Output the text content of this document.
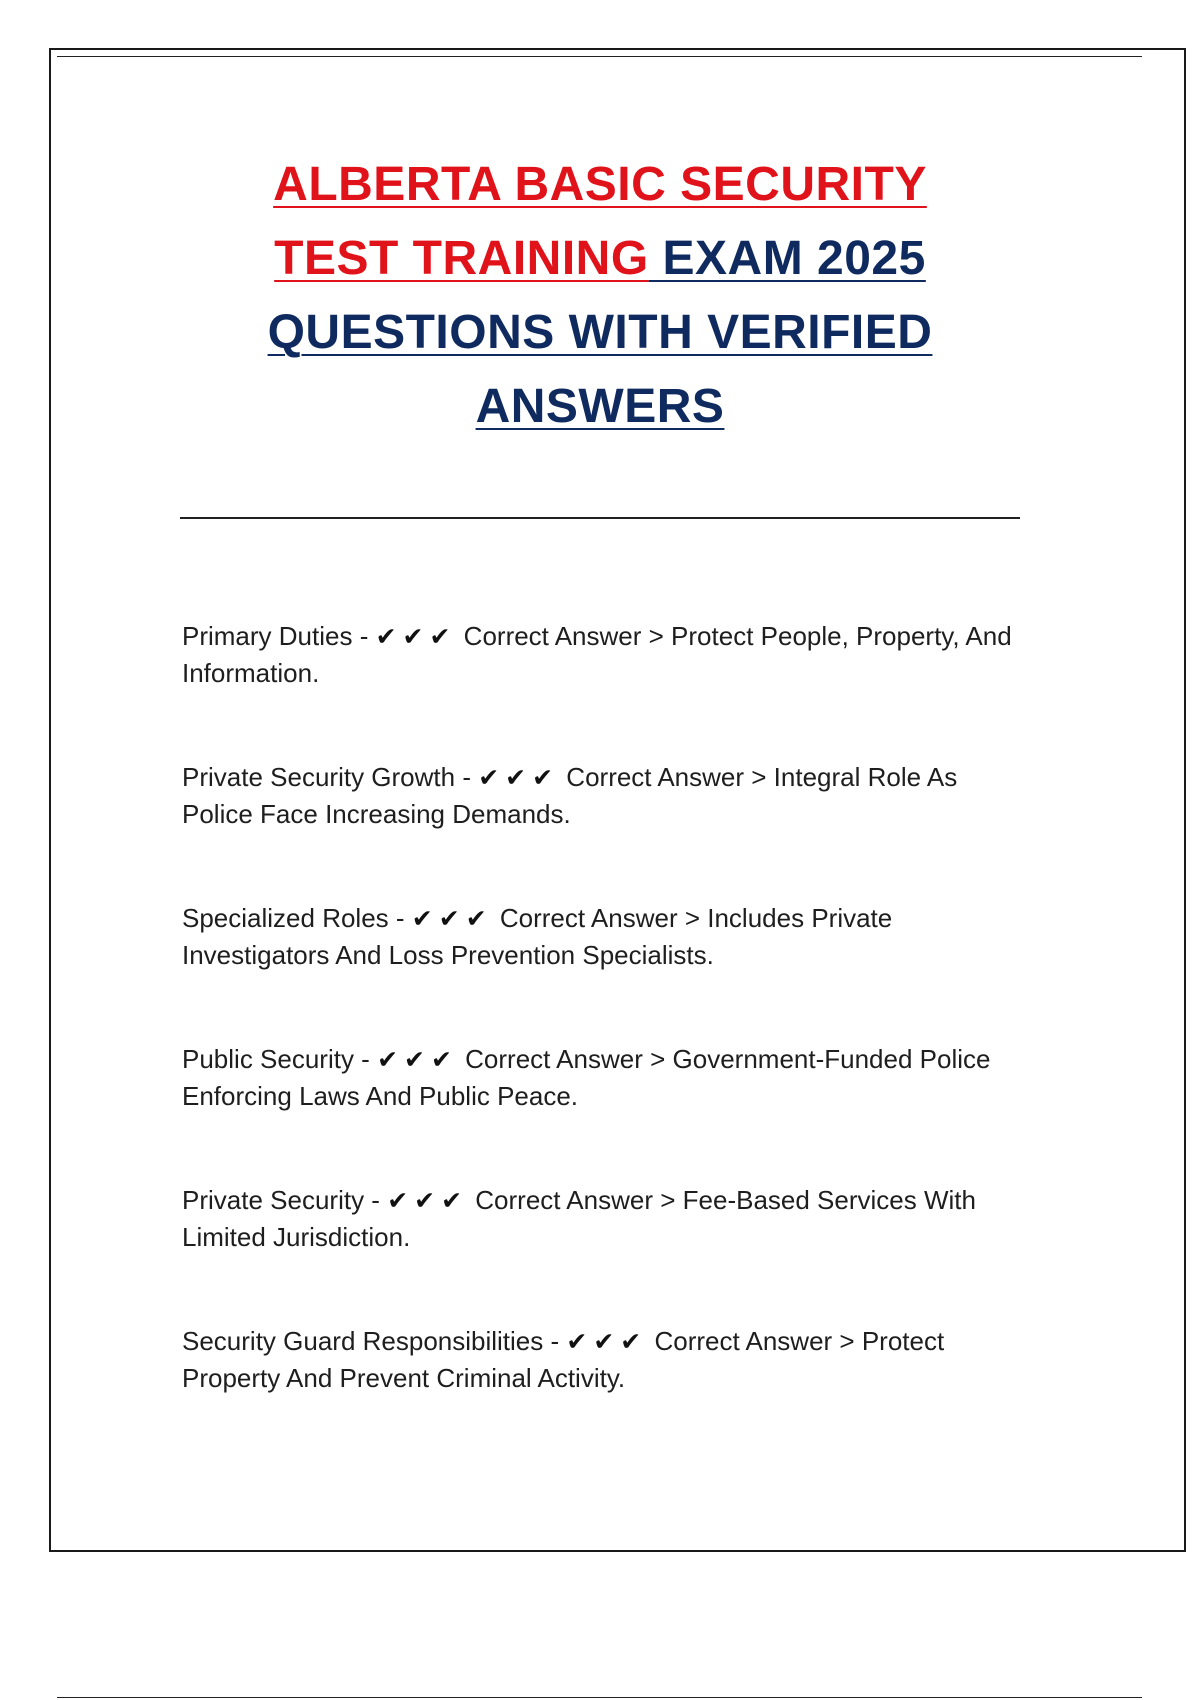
ALBERTA BASIC SECURITY
TEST TRAINING EXAM 2025
QUESTIONS WITH VERIFIED
ANSWERS
Primary Duties - ✔✔✔ Correct Answer > Protect People, Property, And Information.
Private Security Growth - ✔✔✔ Correct Answer > Integral Role As Police Face Increasing Demands.
Specialized Roles - ✔✔✔ Correct Answer > Includes Private Investigators And Loss Prevention Specialists.
Public Security - ✔✔✔ Correct Answer > Government-Funded Police Enforcing Laws And Public Peace.
Private Security - ✔✔✔ Correct Answer > Fee-Based Services With Limited Jurisdiction.
Security Guard Responsibilities - ✔✔✔ Correct Answer > Protect Property And Prevent Criminal Activity.
